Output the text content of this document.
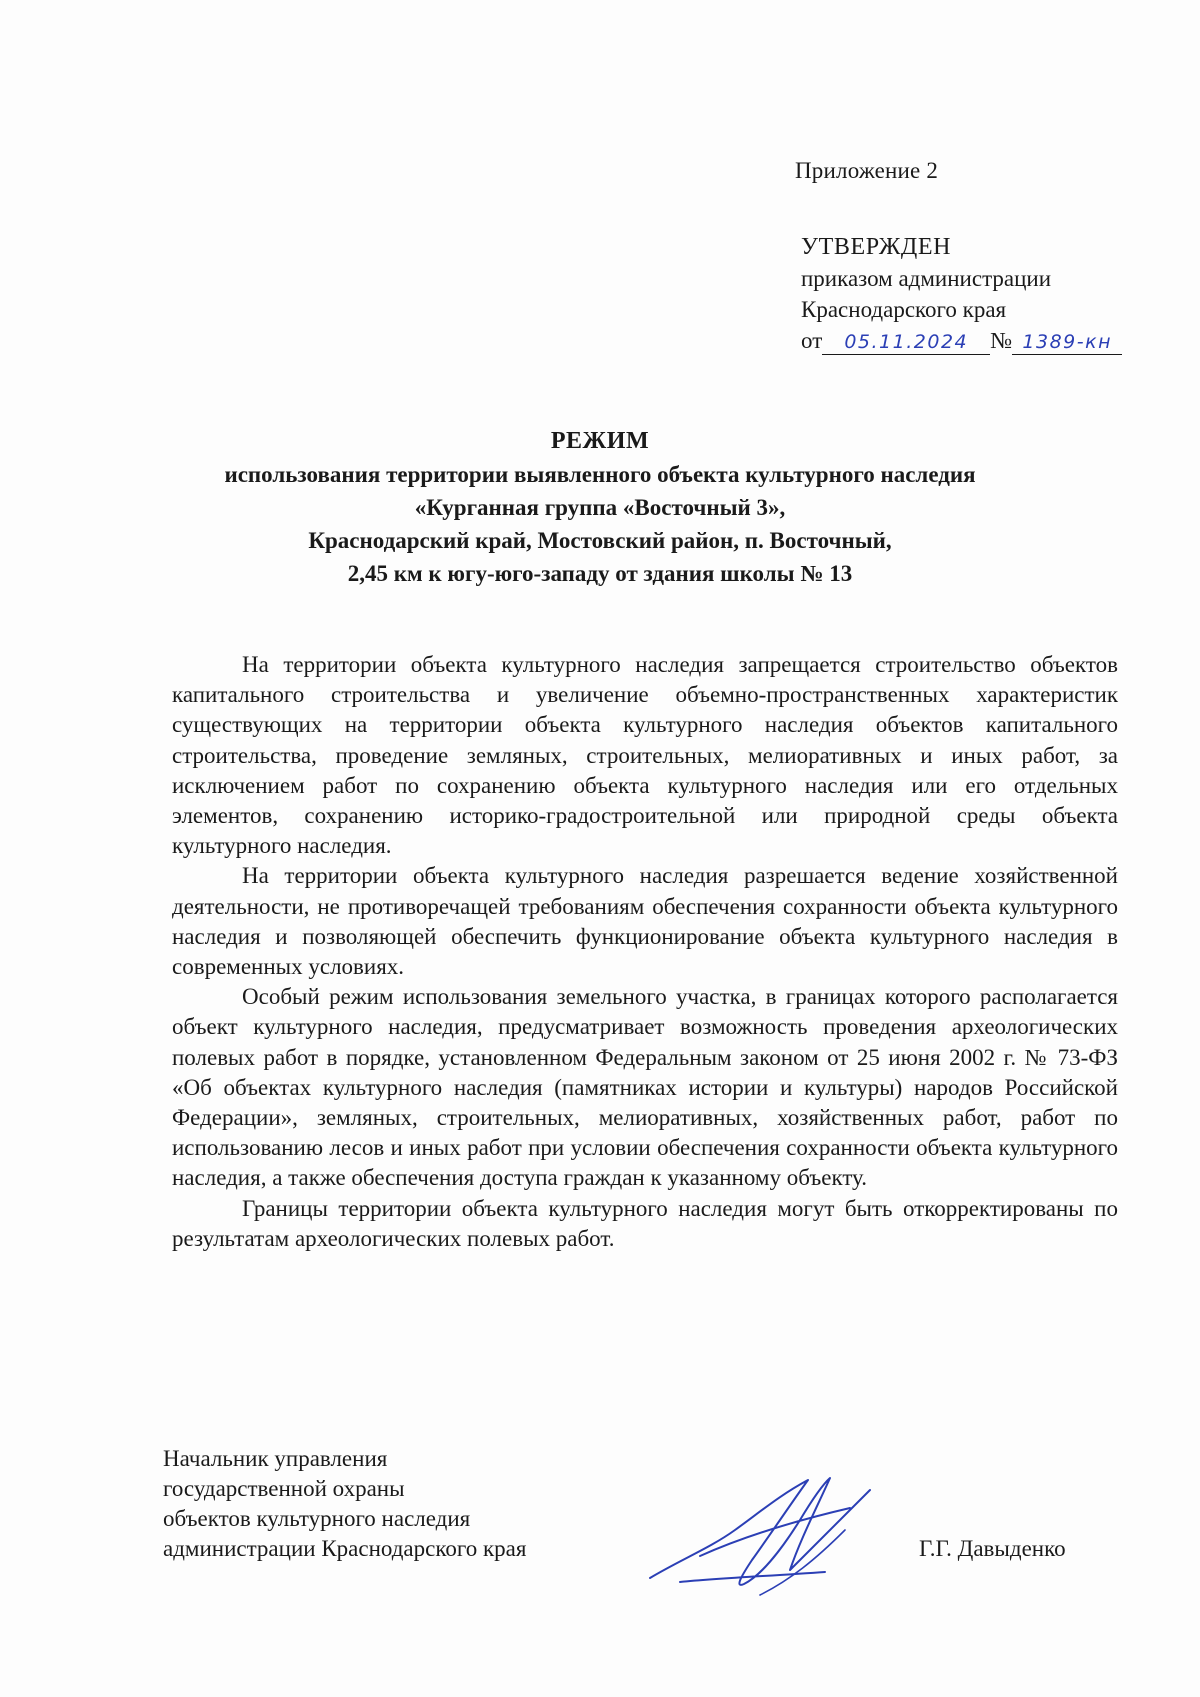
Приложение 2
УТВЕРЖДЕН
приказом администрации
Краснодарского края
от 05.11.2024 № 1389-кн
РЕЖИМ
использования территории выявленного объекта культурного наследия
«Курганная группа «Восточный 3»,
Краснодарский край, Мостовский район, п. Восточный,
2,45 км к югу-юго-западу от здания школы № 13

На территории объекта культурного наследия запрещается строительство объектов капитального строительства и увеличение объемно-пространственных характеристик существующих на территории объекта культурного наследия объектов капитального строительства, проведение земляных, строительных, мелиоративных и иных работ, за исключением работ по сохранению объекта культурного наследия или его отдельных элементов, сохранению историко-градостроительной или природной среды объекта культурного наследия.

На территории объекта культурного наследия разрешается ведение хозяйственной деятельности, не противоречащей требованиям обеспечения сохранности объекта культурного наследия и позволяющей обеспечить функционирование объекта культурного наследия в современных условиях.

Особый режим использования земельного участка, в границах которого располагается объект культурного наследия, предусматривает возможность проведения археологических полевых работ в порядке, установленном Федеральным законом от 25 июня 2002 г. № 73-ФЗ «Об объектах культурного наследия (памятниках истории и культуры) народов Российской Федерации», земляных, строительных, мелиоративных, хозяйственных работ, работ по использованию лесов и иных работ при условии обеспечения сохранности объекта культурного наследия, а также обеспечения доступа граждан к указанному объекту.

Границы территории объекта культурного наследия могут быть откорректированы по результатам археологических полевых работ.

Начальник управления
государственной охраны
объектов культурного наследия
администрации Краснодарского края	Г.Г. Давыденко
